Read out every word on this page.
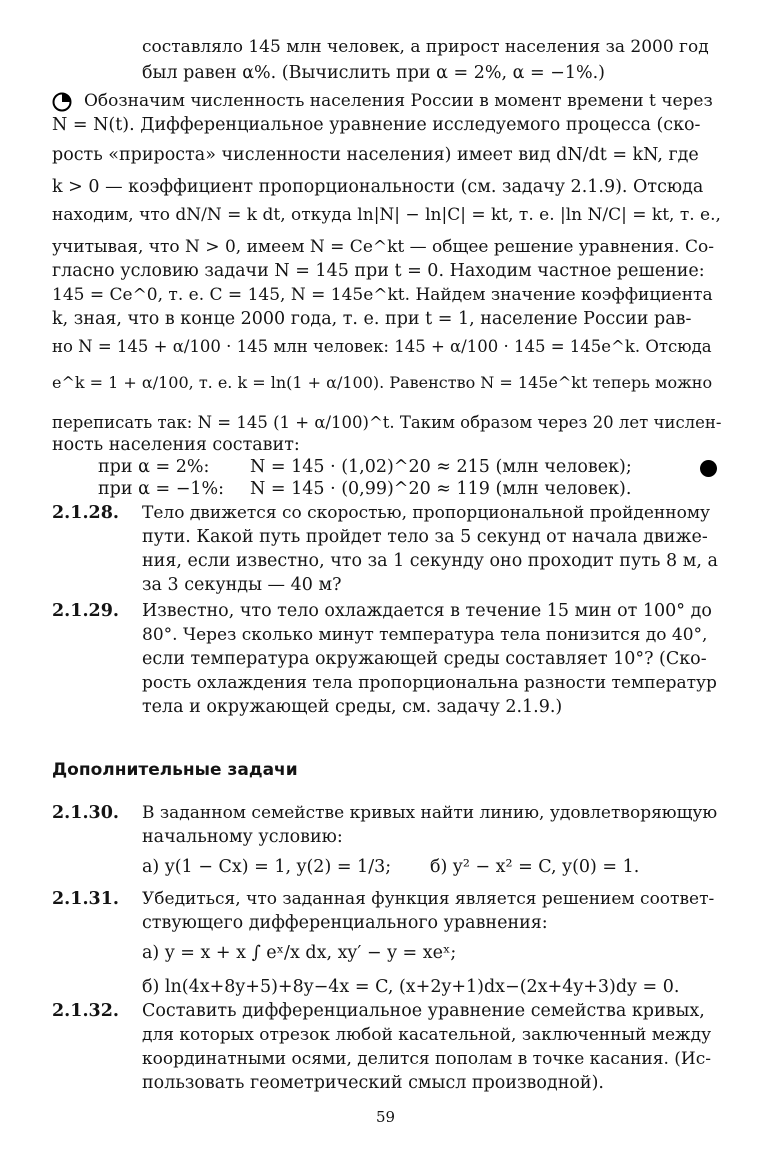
составляло 145 млн человек, а прирост населения за 2000 год
был равен α%. (Вычислить при α = 2%, α = −1%.)
Обозначим численность населения России в момент времени t через
N = N(t). Дифференциальное уравнение исследуемого процесса (ско-
рость «прироста» численности населения) имеет вид dN/dt = kN, где
k > 0 — коэффициент пропорциональности (см. задачу 2.1.9). Отсюда
находим, что dN/N = k dt, откуда ln|N| − ln|C| = kt, т. е. |ln N/C| = kt, т. е.,
учитывая, что N > 0, имеем N = Ce^kt — общее решение уравнения. Со-
гласно условию задачи N = 145 при t = 0. Находим частное решение:
145 = Ce^0, т. е. C = 145, N = 145e^kt. Найдем значение коэффициента
k, зная, что в конце 2000 года, т. е. при t = 1, население России рав-
но N = 145 + α/100 · 145 млн человек: 145 + α/100 · 145 = 145e^k. Отсюда
e^k = 1 + α/100, т. е. k = ln(1 + α/100). Равенство N = 145e^kt теперь можно
переписать так: N = 145 (1 + α/100)^t. Таким образом через 20 лет числен-
ность населения составит:
при α = 2%: N = 145 · (1,02)^20 ≈ 215 (млн человек);
при α = −1%: N = 145 · (0,99)^20 ≈ 119 (млн человек).
2.1.28. Тело движется со скоростью, пропорциональной пройденному
пути. Какой путь пройдет тело за 5 секунд от начала движе-
ния, если известно, что за 1 секунду оно проходит путь 8 м, а
за 3 секунды — 40 м?
2.1.29. Известно, что тело охлаждается в течение 15 мин от 100° до
80°. Через сколько минут температура тела понизится до 40°,
если температура окружающей среды составляет 10°? (Ско-
рость охлаждения тела пропорциональна разности температур
тела и окружающей среды, см. задачу 2.1.9.)
Дополнительные задачи
2.1.30. В заданном семействе кривых найти линию, удовлетворяющую
начальному условию:
а) y(1 − Cx) = 1, y(2) = 1/3; б) y² − x² = C, y(0) = 1.
2.1.31. Убедиться, что заданная функция является решением соответ-
ствующего дифференциального уравнения:
а) y = x + x ∫ eˣ/x dx, xy′ − y = xeˣ;
б) ln(4x+8y+5)+8y−4x = C, (x+2y+1)dx−(2x+4y+3)dy = 0.
2.1.32. Составить дифференциальное уравнение семейства кривых,
для которых отрезок любой касательной, заключенный между
координатными осями, делится пополам в точке касания. (Ис-
пользовать геометрический смысл производной).
59
